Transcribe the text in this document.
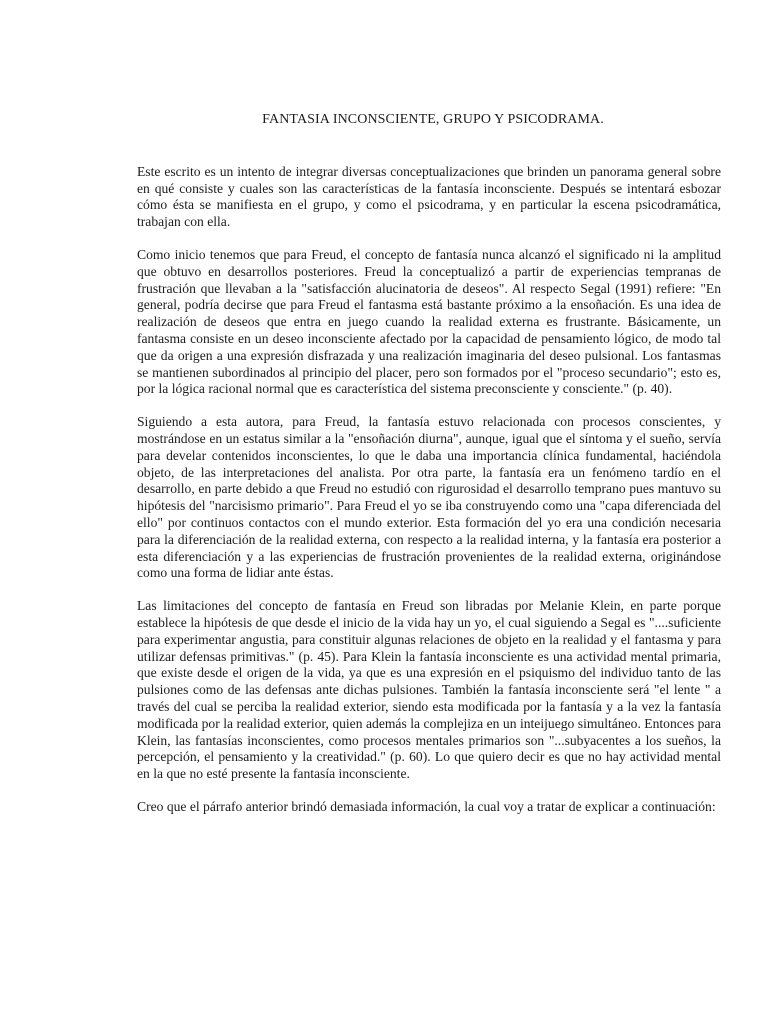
FANTASIA INCONSCIENTE, GRUPO Y PSICODRAMA.

Este escrito es un intento de integrar diversas conceptualizaciones que brinden un panorama general sobre en qué consiste y cuales son las características de la fantasía inconsciente. Después se intentará esbozar cómo ésta se manifiesta en el grupo, y como el psicodrama, y en particular la escena psicodramática, trabajan con ella.

Como inicio tenemos que para Freud, el concepto de fantasía nunca alcanzó el significado ni la amplitud que obtuvo en desarrollos posteriores. Freud la conceptualizó a partir de experiencias tempranas de frustración que llevaban a la "satisfacción alucinatoria de deseos". Al respecto Segal (1991) refiere: "En general, podría decirse que para Freud el fantasma está bastante próximo a la ensoñación. Es una idea de realización de deseos que entra en juego cuando la realidad externa es frustrante. Básicamente, un fantasma consiste en un deseo inconsciente afectado por la capacidad de pensamiento lógico, de modo tal que da origen a una expresión disfrazada y una realización imaginaria del deseo pulsional. Los fantasmas se mantienen subordinados al principio del placer, pero son formados por el "proceso secundario"; esto es, por la lógica racional normal que es característica del sistema preconsciente y consciente." (p. 40).

Siguiendo a esta autora, para Freud, la fantasía estuvo relacionada con procesos conscientes, y mostrándose en un estatus similar a la "ensoñación diurna", aunque, igual que el síntoma y el sueño, servía para develar contenidos inconscientes, lo que le daba una importancia clínica fundamental, haciéndola objeto, de las interpretaciones del analista. Por otra parte, la fantasía era un fenómeno tardío en el desarrollo, en parte debido a que Freud no estudió con rigurosidad el desarrollo temprano pues mantuvo su hipótesis del "narcisismo primario". Para Freud el yo se iba construyendo como una "capa diferenciada del ello" por continuos contactos con el mundo exterior. Esta formación del yo era una condición necesaria para la diferenciación de la realidad externa, con respecto a la realidad interna, y la fantasía era posterior a esta diferenciación y a las experiencias de frustración provenientes de la realidad externa, originándose como una forma de lidiar ante éstas.

Las limitaciones del concepto de fantasía en Freud son libradas por Melanie Klein, en parte porque establece la hipótesis de que desde el inicio de la vida hay un yo, el cual siguiendo a Segal es "....suficiente para experimentar angustia, para constituir algunas relaciones de objeto en la realidad y el fantasma y para utilizar defensas primitivas." (p. 45). Para Klein la fantasía inconsciente es una actividad mental primaria, que existe desde el origen de la vida, ya que es una expresión en el psiquismo del individuo tanto de las pulsiones como de las defensas ante dichas pulsiones. También la fantasía inconsciente será "el lente " a través del cual se perciba la realidad exterior, siendo esta modificada por la fantasía y a la vez la fantasía modificada por la realidad exterior, quien además la complejiza en un inteijuego simultáneo. Entonces para Klein, las fantasías inconscientes, como procesos mentales primarios son "...subyacentes a los sueños, la percepción, el pensamiento y la creatividad." (p. 60). Lo que quiero decir es que no hay actividad mental en la que no esté presente la fantasía inconsciente.

Creo que el párrafo anterior brindó demasiada información, la cual voy a tratar de explicar a continuación:
